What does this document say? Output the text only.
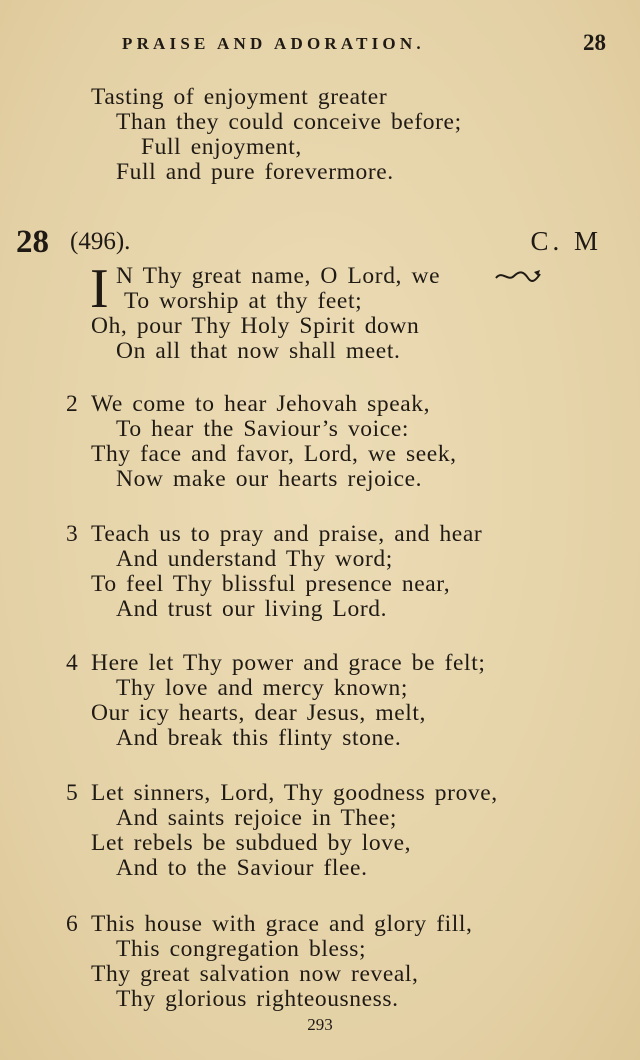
PRAISE AND ADORATION.	28
Tasting of enjoyment greater
Than they could conceive before;
Full enjoyment,
Full and pure forevermore.
28 (496).	C. M
I N Thy great name, O Lord, we
To worship at thy feet;
Oh, pour Thy Holy Spirit down
On all that now shall meet.
2 We come to hear Jehovah speak,
To hear the Saviour’s voice:
Thy face and favor, Lord, we seek,
Now make our hearts rejoice.
3 Teach us to pray and praise, and hear
And understand Thy word;
To feel Thy blissful presence near,
And trust our living Lord.
4 Here let Thy power and grace be felt;
Thy love and mercy known;
Our icy hearts, dear Jesus, melt,
And break this flinty stone.
5 Let sinners, Lord, Thy goodness prove,
And saints rejoice in Thee;
Let rebels be subdued by love,
And to the Saviour flee.
6 This house with grace and glory fill,
This congregation bless;
Thy great salvation now reveal,
Thy glorious righteousness.
293
